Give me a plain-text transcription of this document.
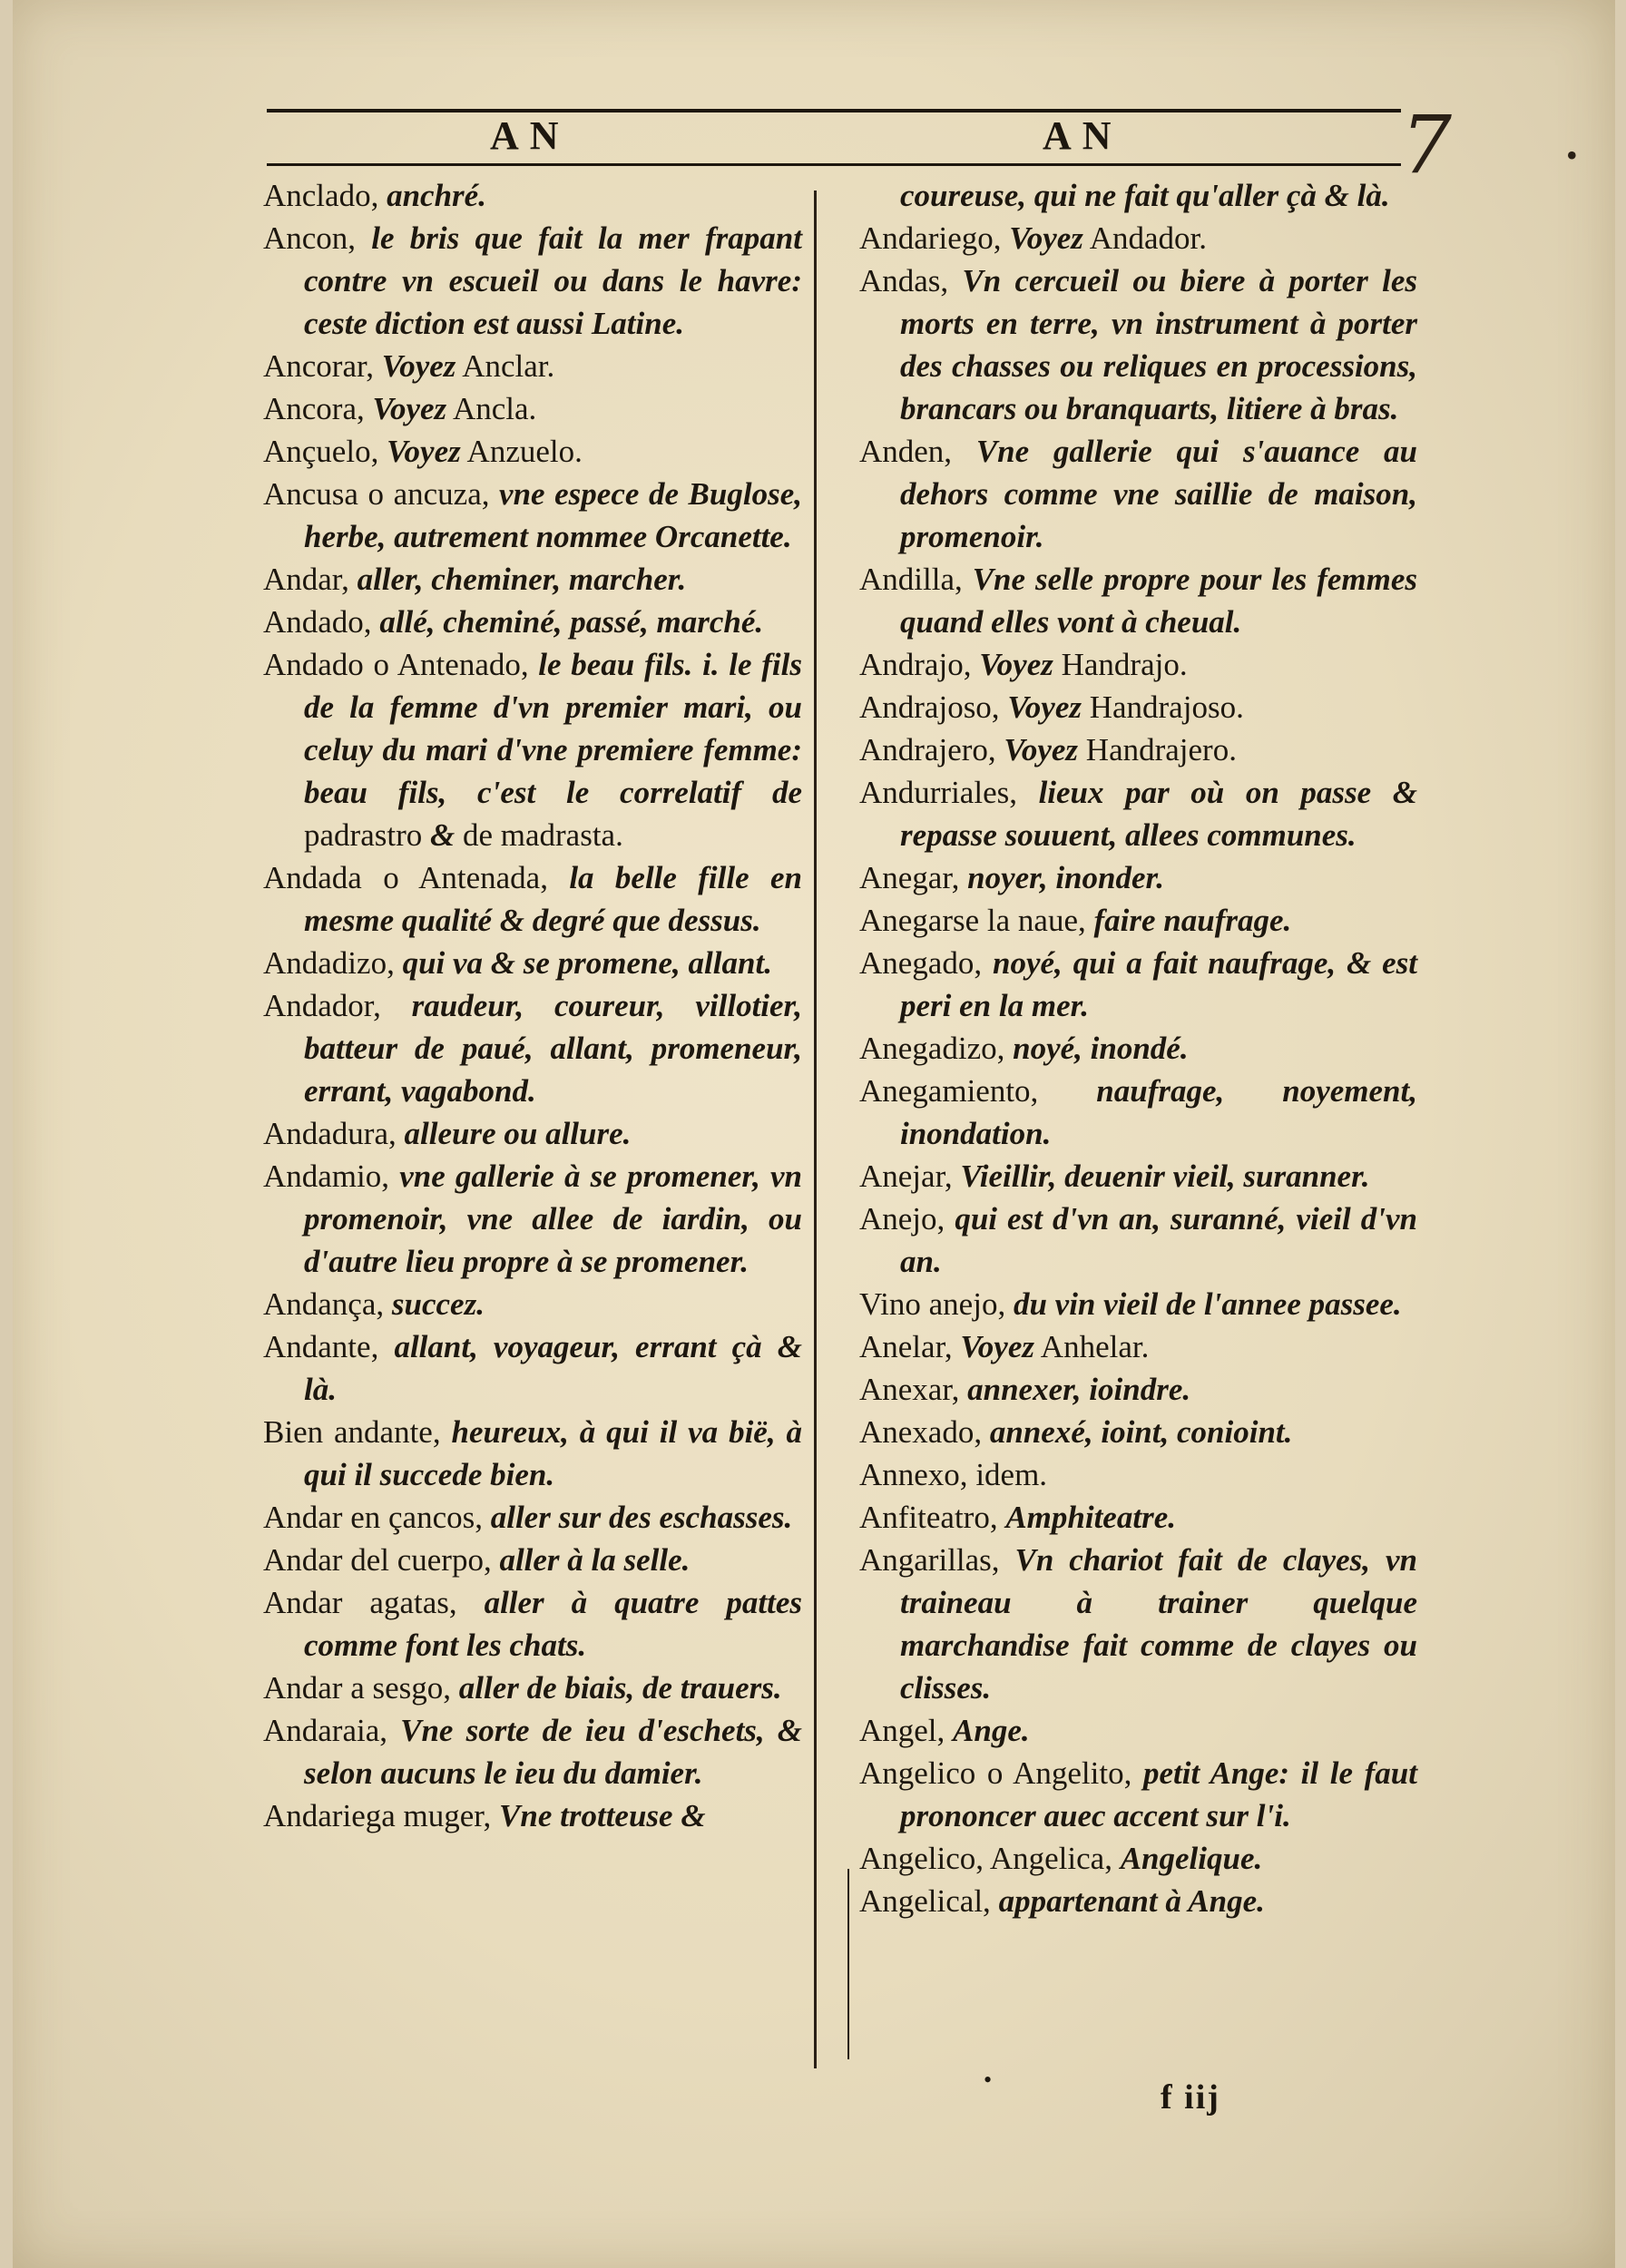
AN	AN	7	•
Anclado, anchré.
Ancon, le bris que fait la mer frapant contre vn escueil ou dans le havre: ceste diction est aussi Latine.
Ancorar, Voyez Anclar.
Ancora, Voyez Ancla.
Ançuelo, Voyez Anzuelo.
Ancusa o ancuza, vne espece de Buglose, herbe, autrement nommee Orcanette.
Andar, aller, cheminer, marcher.
Andado, allé, cheminé, passé, marché.
Andado o Antenado, le beau fils. i. le fils de la femme d'vn premier mari, ou celuy du mari d'vne premiere femme: beau fils, c'est le correlatif de padrastro & de madrasta.
Andada o Antenada, la belle fille en mesme qualité & degré que dessus.
Andadizo, qui va & se promene, allant.
Andador, raudeur, coureur, villotier, batteur de paué, allant, promeneur, errant, vagabond.
Andadura, alleure ou allure.
Andamio, vne gallerie à se promener, vn promenoir, vne allee de iardin, ou d'autre lieu propre à se promener.
Andança, succez.
Andante, allant, voyageur, errant çà & là.
Bien andante, heureux, à qui il va bië, à qui il succede bien.
Andar en çancos, aller sur des eschasses.
Andar del cuerpo, aller à la selle.
Andar agatas, aller à quatre pattes comme font les chats.
Andar a sesgo, aller de biais, de trauers.
Andaraia, Vne sorte de ieu d'eschets, & selon aucuns le ieu du damier.
Andariega muger, Vne trotteuse &
coureuse, qui ne fait qu'aller çà & là.
Andariego, Voyez Andador.
Andas, Vn cercueil ou biere à porter les morts en terre, vn instrument à porter des chasses ou reliques en processions, brancars ou branquarts, litiere à bras.
Anden, Vne gallerie qui s'auance au dehors comme vne saillie de maison, promenoir.
Andilla, Vne selle propre pour les femmes quand elles vont à cheual.
Andrajo, Voyez Handrajo.
Andrajoso, Voyez Handrajoso.
Andrajero, Voyez Handrajero.
Andurriales, lieux par où on passe & repasse souuent, allees communes.
Anegar, noyer, inonder.
Anegarse la naue, faire naufrage.
Anegado, noyé, qui a fait naufrage, & est peri en la mer.
Anegadizo, noyé, inondé.
Anegamiento, naufrage, noyement, inondation.
Anejar, Vieillir, deuenir vieil, suranner.
Anejo, qui est d'vn an, suranné, vieil d'vn an.
Vino anejo, du vin vieil de l'annee passee.
Anelar, Voyez Anhelar.
Anexar, annexer, ioindre.
Anexado, annexé, ioint, conioint.
Annexo, idem.
Anfiteatro, Amphiteatre.
Angarillas, Vn chariot fait de clayes, vn traineau à trainer quelque marchandise fait comme de clayes ou clisses.
Angel, Ange.
Angelico o Angelito, petit Ange: il le faut prononcer auec accent sur l'i.
Angelico, Angelica, Angelique.
Angelical, appartenant à Ange.
•	f iij
